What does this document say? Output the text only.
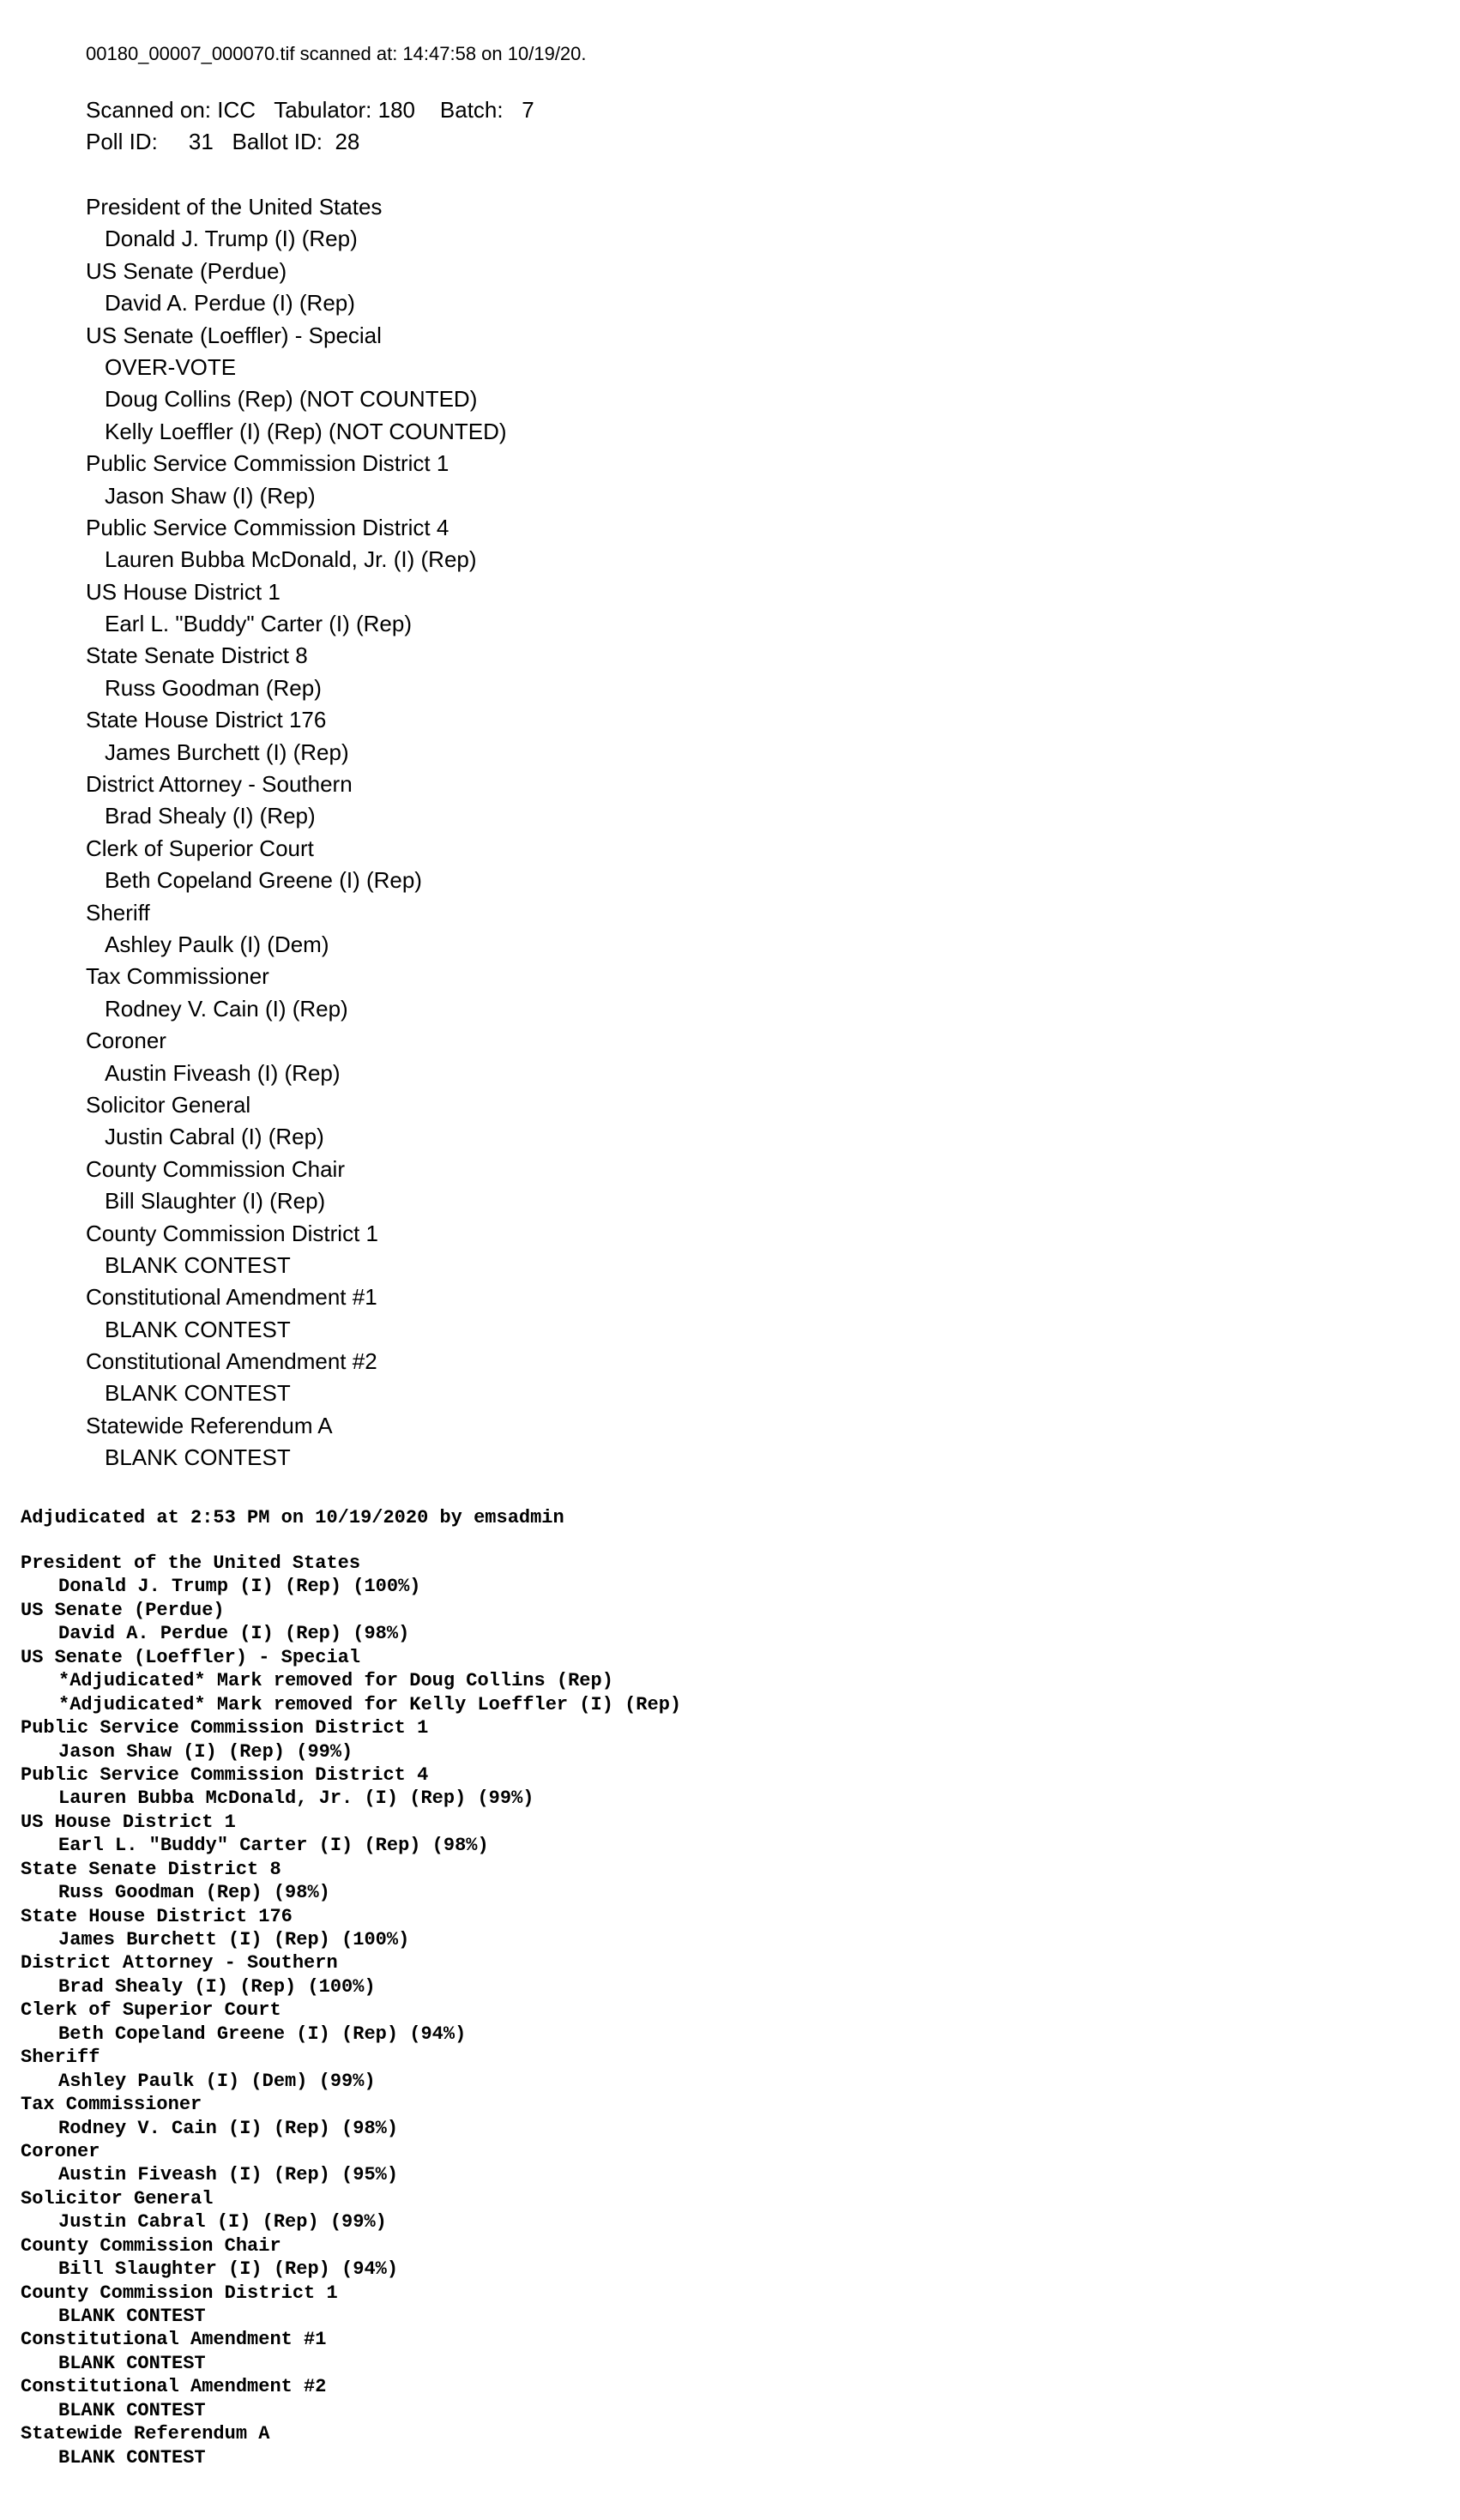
00180_00007_000070.tif scanned at: 14:47:58 on 10/19/20.
Scanned on: ICC   Tabulator: 180    Batch:   7
Poll ID:     31   Ballot ID:  28
President of the United States
Donald J. Trump (I) (Rep)
US Senate (Perdue)
David A. Perdue (I) (Rep)
US Senate (Loeffler) - Special
OVER-VOTE
Doug Collins (Rep) (NOT COUNTED)
Kelly Loeffler (I) (Rep) (NOT COUNTED)
Public Service Commission District 1
Jason Shaw (I) (Rep)
Public Service Commission District 4
Lauren Bubba McDonald, Jr. (I) (Rep)
US House District 1
Earl L. "Buddy" Carter (I) (Rep)
State Senate District 8
Russ Goodman (Rep)
State House District 176
James Burchett (I) (Rep)
District Attorney - Southern
Brad Shealy (I) (Rep)
Clerk of Superior Court
Beth Copeland Greene (I) (Rep)
Sheriff
Ashley Paulk (I) (Dem)
Tax Commissioner
Rodney V. Cain (I) (Rep)
Coroner
Austin Fiveash (I) (Rep)
Solicitor General
Justin Cabral (I) (Rep)
County Commission Chair
Bill Slaughter (I) (Rep)
County Commission District 1
BLANK CONTEST
Constitutional Amendment #1
BLANK CONTEST
Constitutional Amendment #2
BLANK CONTEST
Statewide Referendum A
BLANK CONTEST
Adjudicated at 2:53 PM on 10/19/2020 by emsadmin
President of the United States
Donald J. Trump (I) (Rep) (100%)
US Senate (Perdue)
David A. Perdue (I) (Rep) (98%)
US Senate (Loeffler) - Special
*Adjudicated* Mark removed for Doug Collins (Rep)
*Adjudicated* Mark removed for Kelly Loeffler (I) (Rep)
Public Service Commission District 1
Jason Shaw (I) (Rep) (99%)
Public Service Commission District 4
Lauren Bubba McDonald, Jr. (I) (Rep) (99%)
US House District 1
Earl L. "Buddy" Carter (I) (Rep) (98%)
State Senate District 8
Russ Goodman (Rep) (98%)
State House District 176
James Burchett (I) (Rep) (100%)
District Attorney - Southern
Brad Shealy (I) (Rep) (100%)
Clerk of Superior Court
Beth Copeland Greene (I) (Rep) (94%)
Sheriff
Ashley Paulk (I) (Dem) (99%)
Tax Commissioner
Rodney V. Cain (I) (Rep) (98%)
Coroner
Austin Fiveash (I) (Rep) (95%)
Solicitor General
Justin Cabral (I) (Rep) (99%)
County Commission Chair
Bill Slaughter (I) (Rep) (94%)
County Commission District 1
BLANK CONTEST
Constitutional Amendment #1
BLANK CONTEST
Constitutional Amendment #2
BLANK CONTEST
Statewide Referendum A
BLANK CONTEST
